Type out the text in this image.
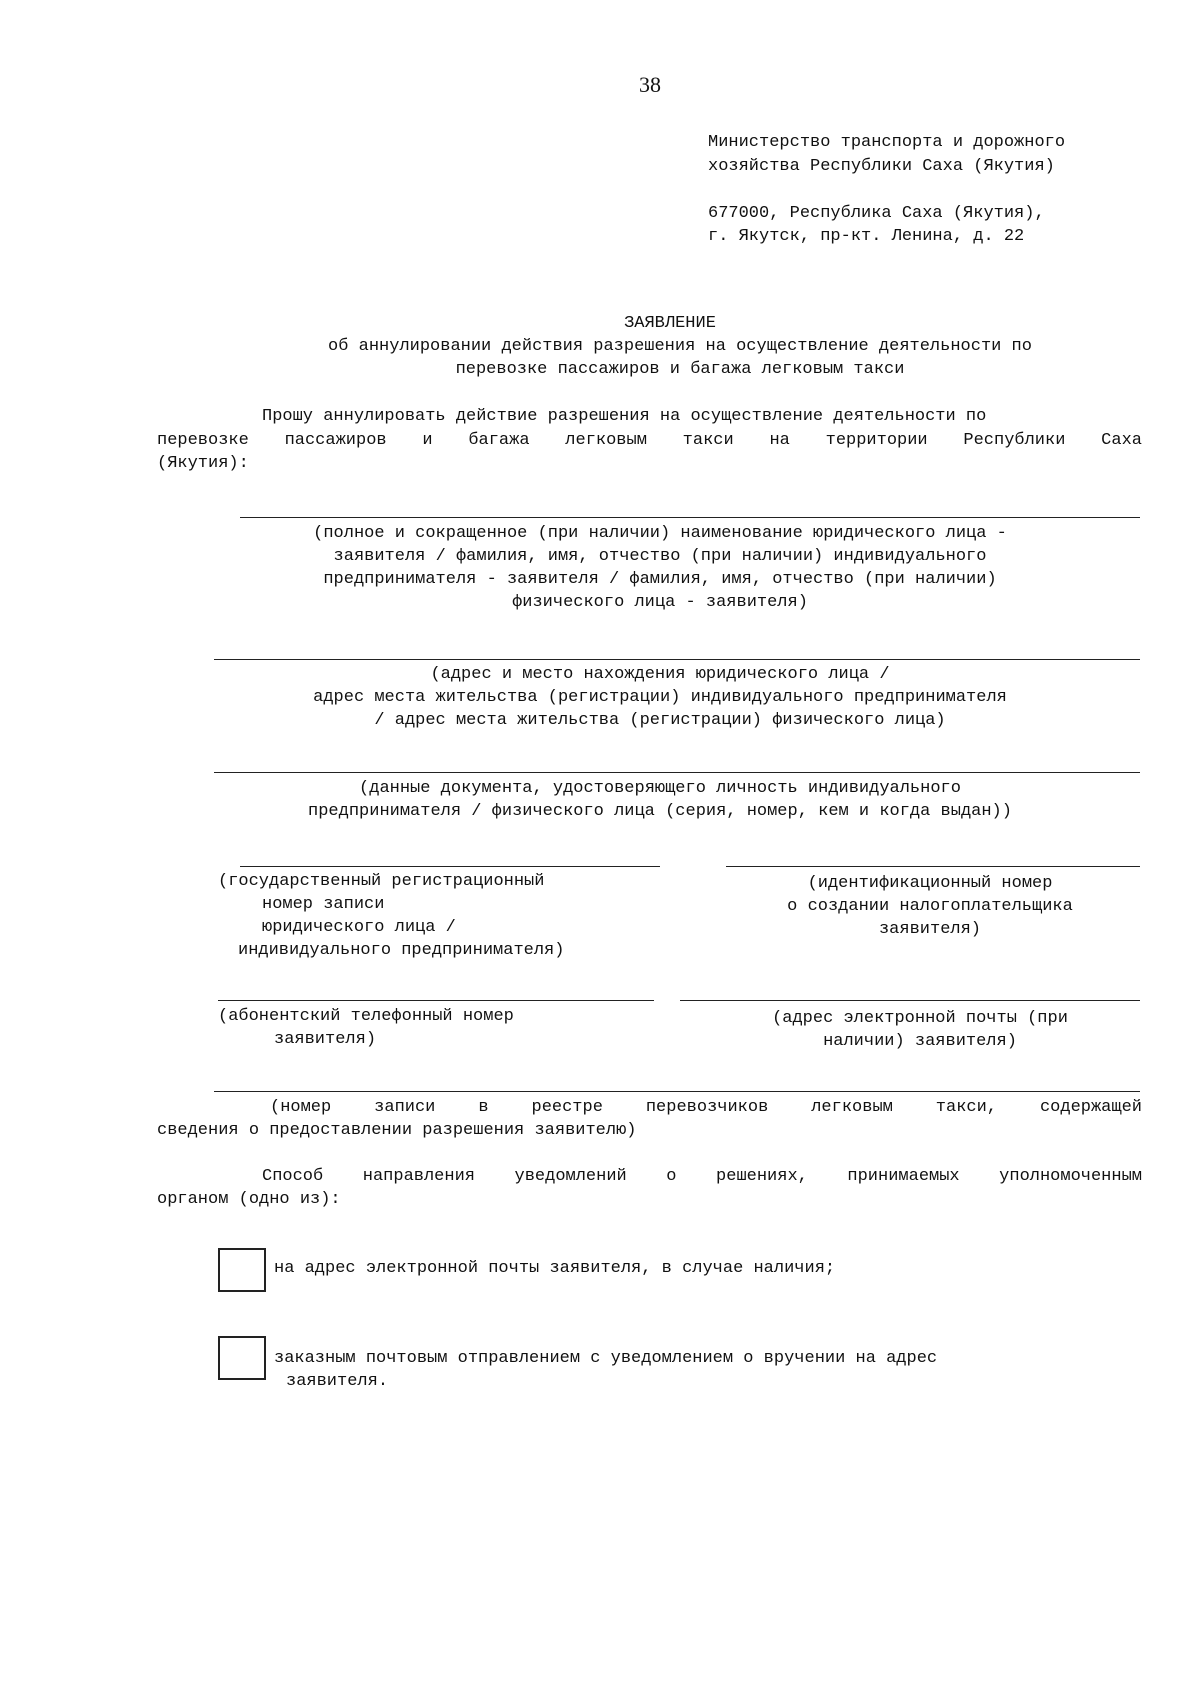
38
Министерство транспорта и дорожного
хозяйства Республики Саха (Якутия)
677000, Республика Саха (Якутия),
г. Якутск, пр-кт. Ленина, д. 22
ЗАЯВЛЕНИЕ
об аннулировании действия разрешения на осуществление деятельности по
перевозке пассажиров и багажа легковым такси
Прошу аннулировать действие разрешения на осуществление деятельности по
перевозке пассажиров и багажа легковым такси на территории Республики Саха
(Якутия):
(полное и сокращенное (при наличии) наименование юридического лица -
заявителя / фамилия, имя, отчество (при наличии) индивидуального
предпринимателя - заявителя / фамилия, имя, отчество (при наличии)
физического лица - заявителя)
(адрес и место нахождения юридического лица /
адрес места жительства (регистрации) индивидуального предпринимателя
/ адрес места жительства (регистрации) физического лица)
(данные документа, удостоверяющего личность индивидуального
предпринимателя / физического лица (серия, номер, кем и когда выдан))
(государственный регистрационный
номер записи
юридического лица /
индивидуального предпринимателя)
(идентификационный номер
о создании налогоплательщика
заявителя)
(абонентский телефонный номер
заявителя)
(адрес электронной почты (при
наличии) заявителя)
(номер записи в реестре перевозчиков легковым такси, содержащей
сведения о предоставлении разрешения заявителю)
Способ направления уведомлений о решениях, принимаемых уполномоченным
органом (одно из):
на адрес электронной почты заявителя, в случае наличия;
заказным почтовым отправлением с уведомлением о вручении на адрес
заявителя.
